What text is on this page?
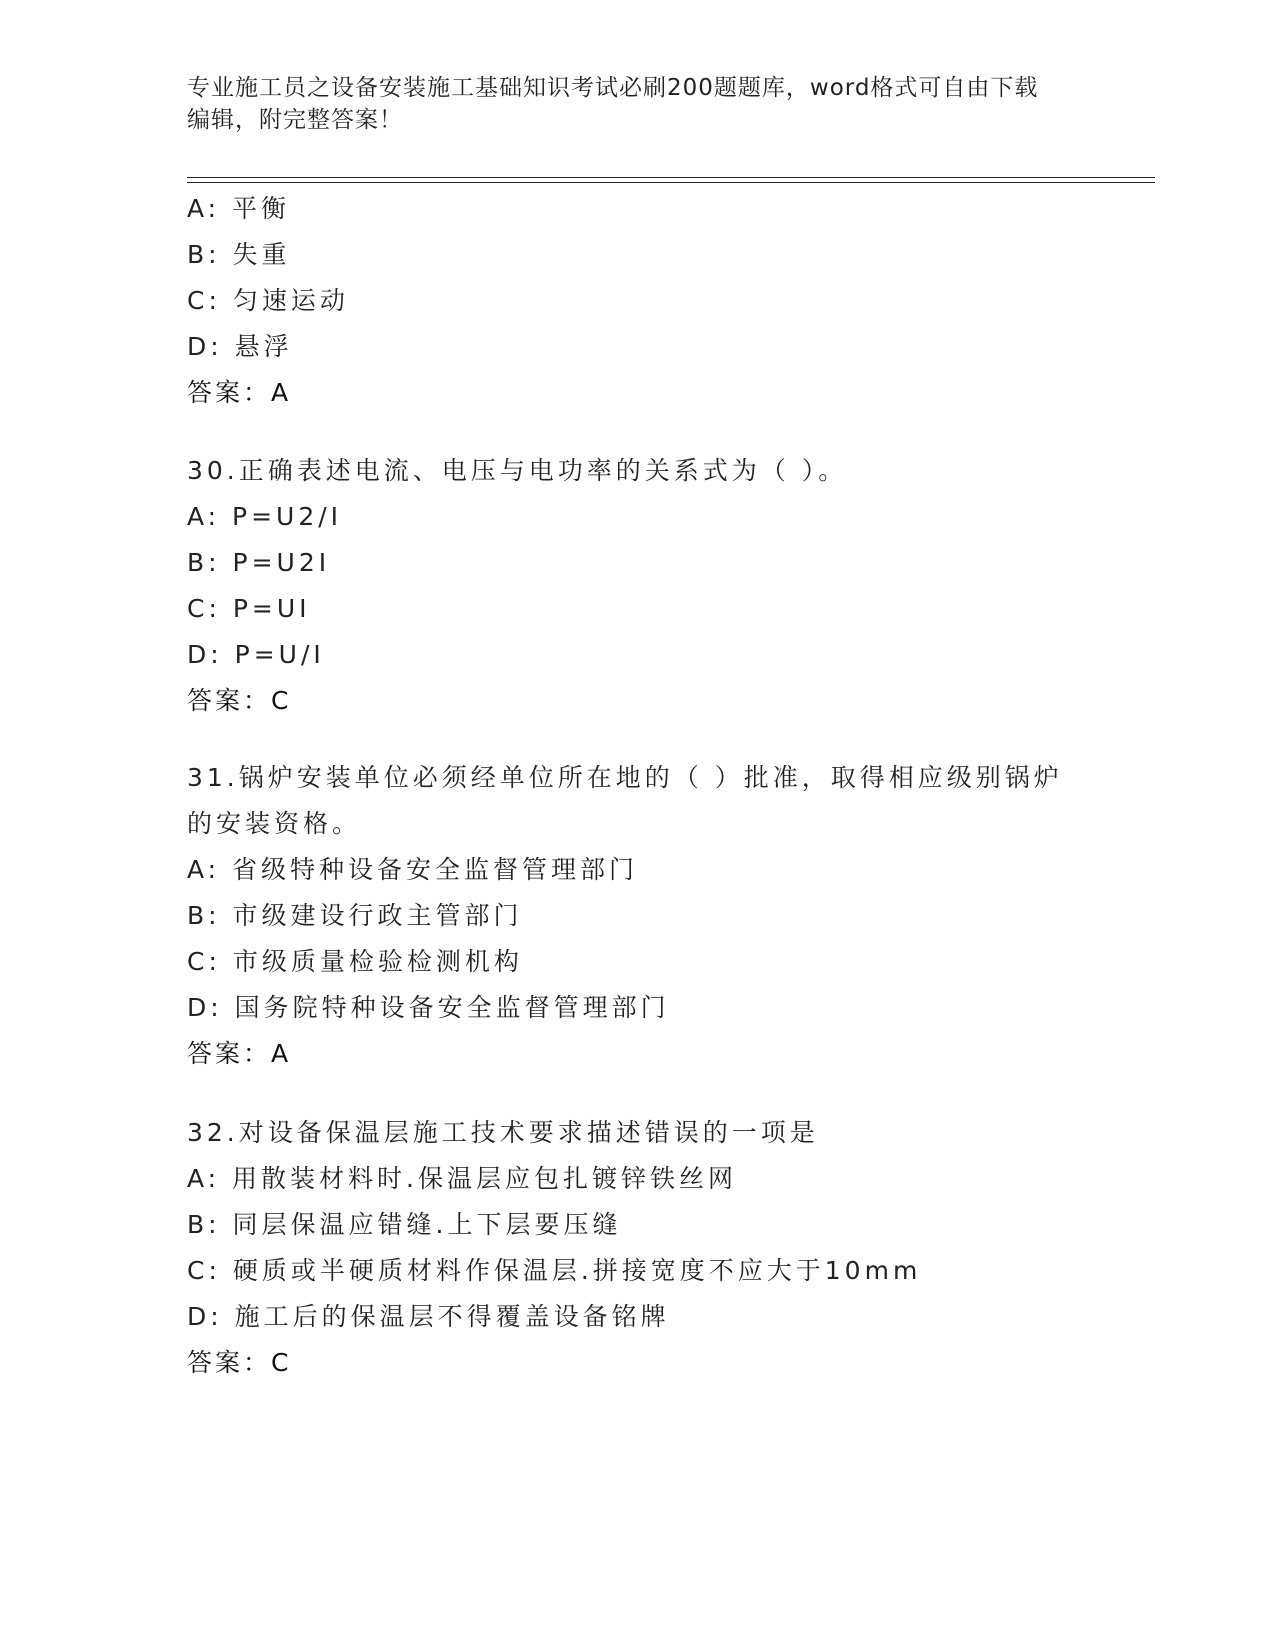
专业施工员之设备安装施工基础知识考试必刷200题题库，word格式可自由下载
编辑，附完整答案！
A: 平衡
B: 失重
C: 匀速运动
D: 悬浮
答案：A
30.正确表述电流、电压与电功率的关系式为（ ）。
A: P=U2/I
B: P=U2I
C: P=UI
D: P=U/I
答案：C
31.锅炉安装单位必须经单位所在地的（ ）批准，取得相应级别锅炉
的安装资格。
A: 省级特种设备安全监督管理部门
B: 市级建设行政主管部门
C: 市级质量检验检测机构
D: 国务院特种设备安全监督管理部门
答案：A
32.对设备保温层施工技术要求描述错误的一项是
A: 用散装材料时.保温层应包扎镀锌铁丝网
B: 同层保温应错缝.上下层要压缝
C: 硬质或半硬质材料作保温层.拼接宽度不应大于10mm
D: 施工后的保温层不得覆盖设备铭牌
答案：C
